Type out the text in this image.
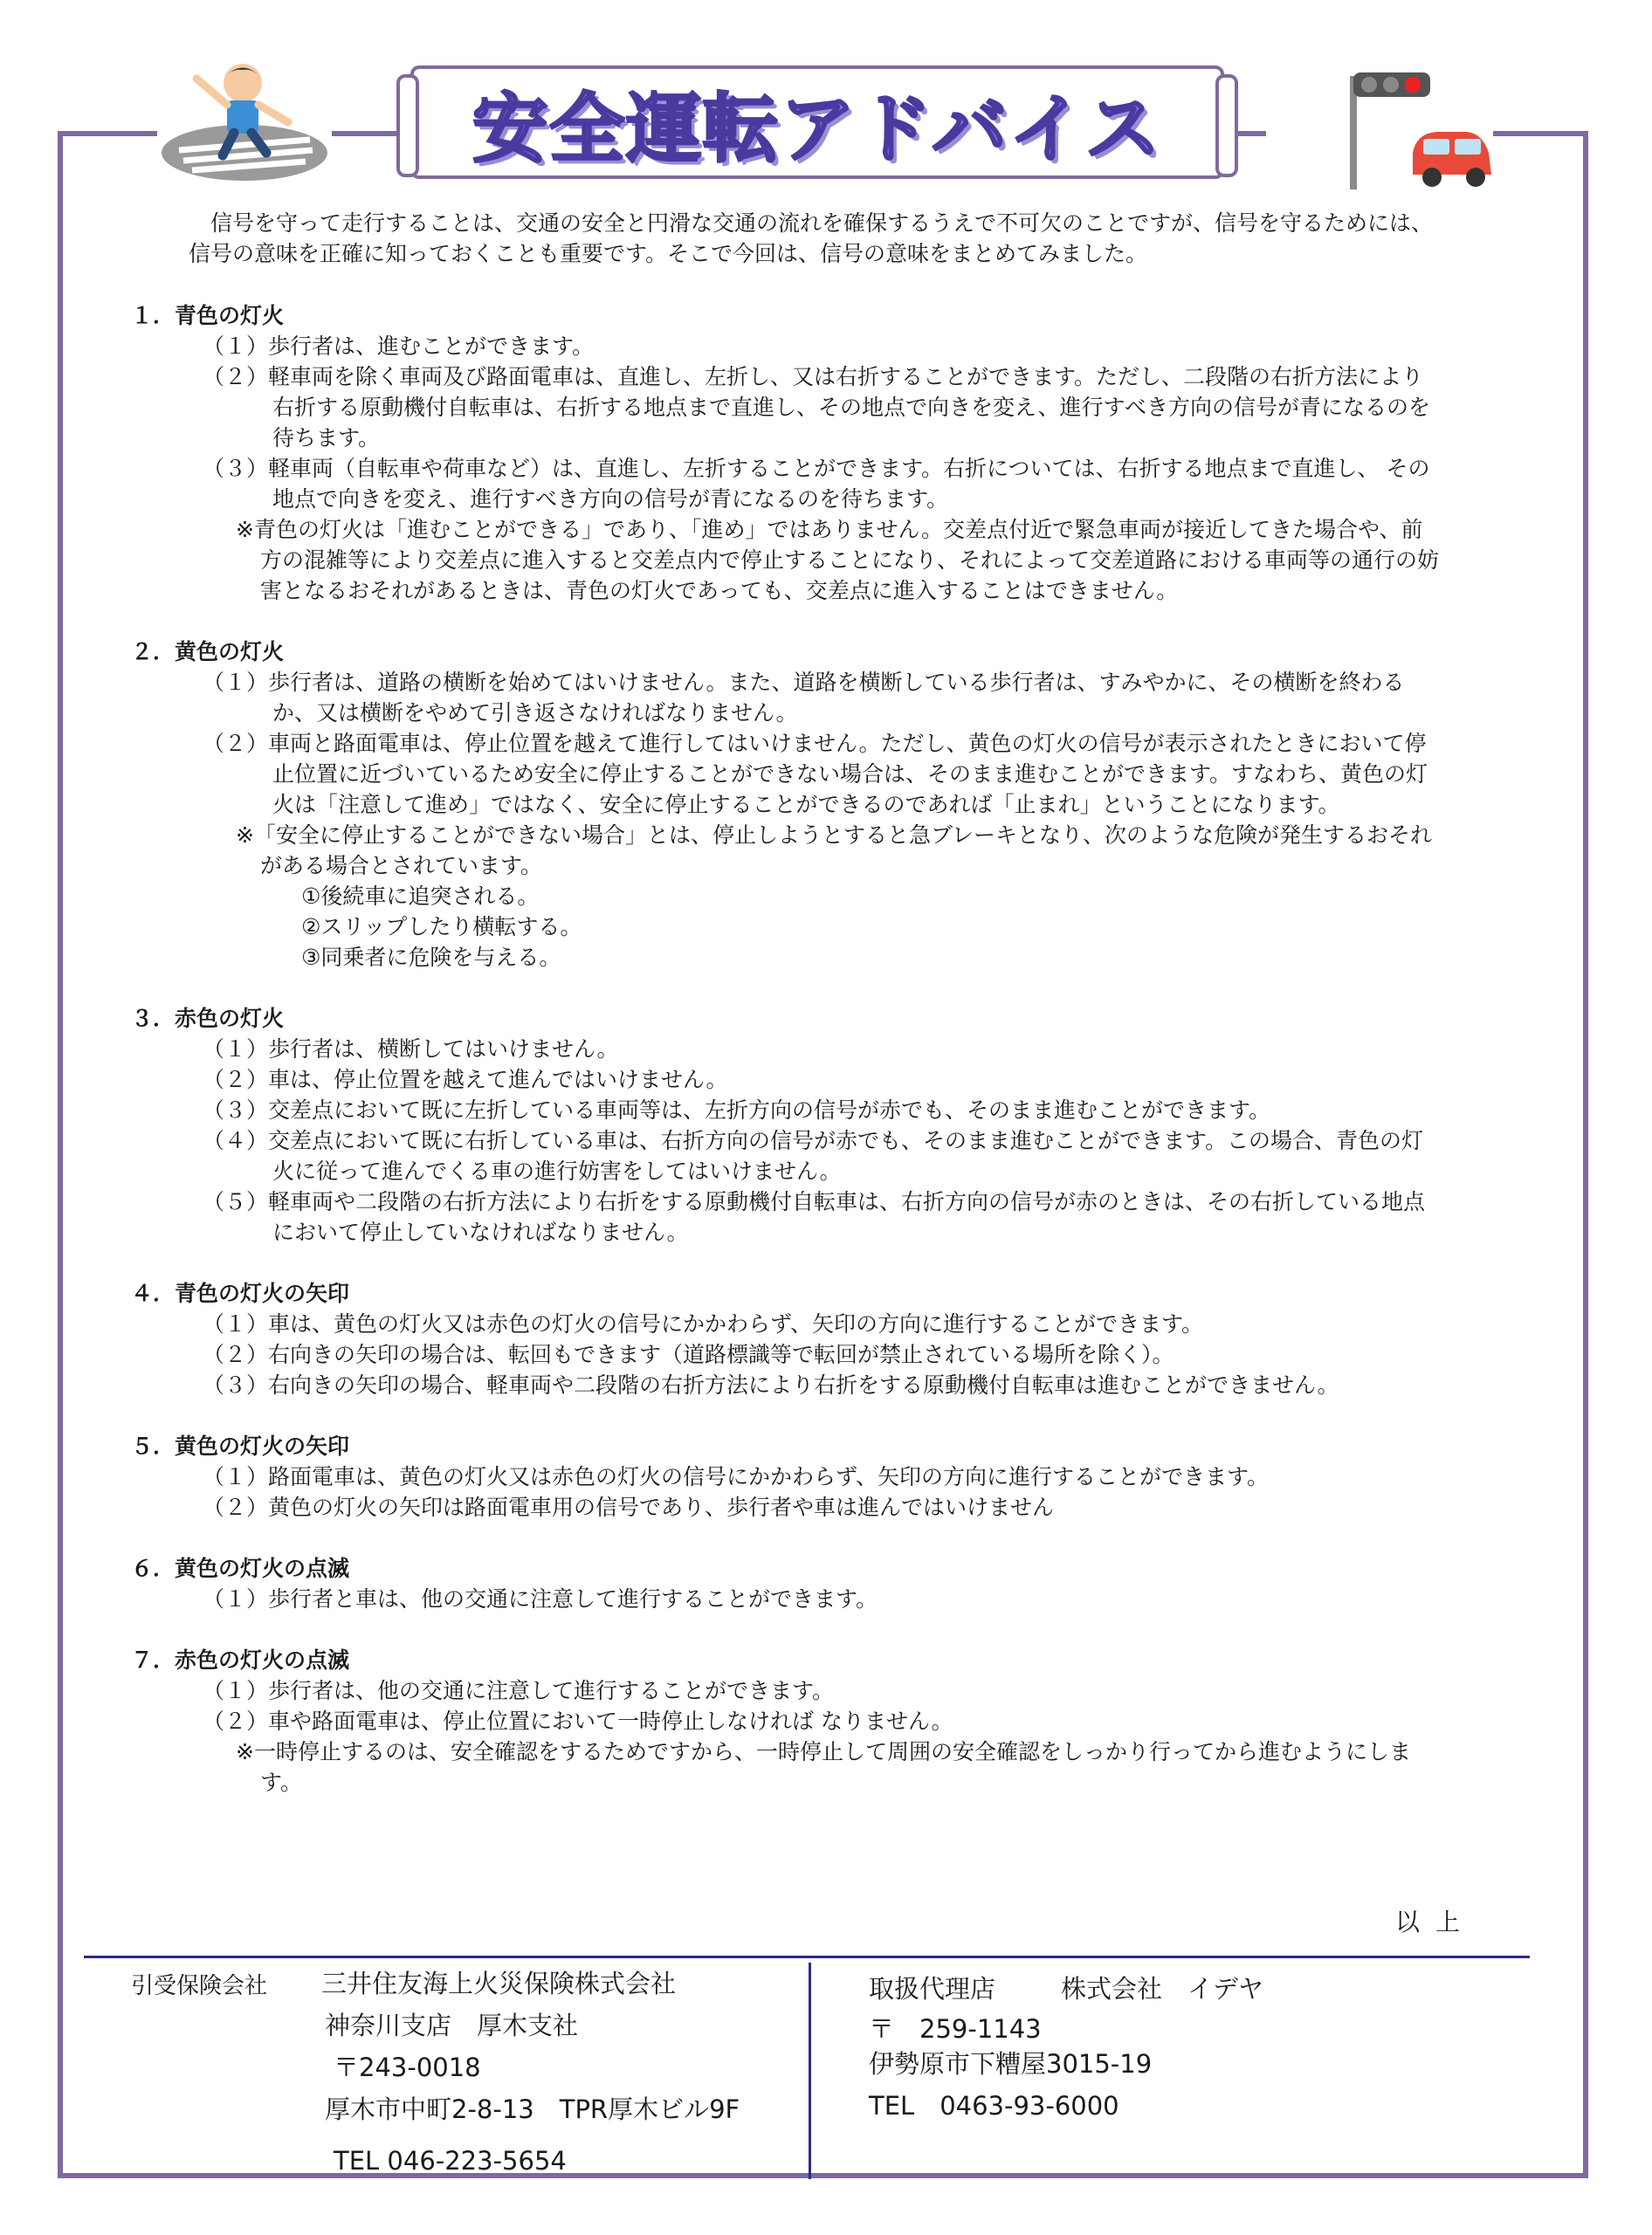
安全運転アドバイス

信号を守って走行することは、交通の安全と円滑な交通の流れを確保するうえで不可欠のことですが、信号を守るためには、信号の意味を正確に知っておくことも重要です。そこで今回は、信号の意味をまとめてみました。

１．青色の灯火

（１）歩行者は、進むことができます。

（２）軽車両を除く車両及び路面電車は、直進し、左折し、又は右折することができます。ただし、二段階の右折方法により右折する原動機付自転車は、右折する地点まで直進し、その地点で向きを変え、進行すべき方向の信号が青になるのを待ちます。

（３）軽車両（自転車や荷車など）は、直進し、左折することができます。右折については、右折する地点まで直進し、 その地点で向きを変え、進行すべき方向の信号が青になるのを待ちます。

※青色の灯火は「進むことができる」であり、「進め」ではありません。交差点付近で緊急車両が接近してきた場合や、前方の混雑等により交差点に進入すると交差点内で停止することになり、それによって交差道路における車両等の通行の妨害となるおそれがあるときは、青色の灯火であっても、交差点に進入することはできません。

２．黄色の灯火

（１）歩行者は、道路の横断を始めてはいけません。また、道路を横断している歩行者は、すみやかに、その横断を終わるか、又は横断をやめて引き返さなければなりません。

（２）車両と路面電車は、停止位置を越えて進行してはいけません。ただし、黄色の灯火の信号が表示されたときにおいて停止位置に近づいているため安全に停止することができない場合は、そのまま進むことができます。すなわち、黄色の灯火は「注意して進め」ではなく、安全に停止することができるのであれば「止まれ」ということになります。

※「安全に停止することができない場合」とは、停止しようとすると急ブレーキとなり、次のような危険が発生するおそれがある場合とされています。

①後続車に追突される。

②スリップしたり横転する。

③同乗者に危険を与える。

３．赤色の灯火

（１）歩行者は、横断してはいけません。

（２）車は、停止位置を越えて進んではいけません。

（３）交差点において既に左折している車両等は、左折方向の信号が赤でも、そのまま進むことができます。

（４）交差点において既に右折している車は、右折方向の信号が赤でも、そのまま進むことができます。この場合、青色の灯火に従って進んでくる車の進行妨害をしてはいけません。

（５）軽車両や二段階の右折方法により右折をする原動機付自転車は、右折方向の信号が赤のときは、その右折している地点において停止していなければなりません。

４．青色の灯火の矢印

（１）車は、黄色の灯火又は赤色の灯火の信号にかかわらず、矢印の方向に進行することができます。

（２）右向きの矢印の場合は、転回もできます（道路標識等で転回が禁止されている場所を除く）。

（３）右向きの矢印の場合、軽車両や二段階の右折方法により右折をする原動機付自転車は進むことができません。

５．黄色の灯火の矢印

（１）路面電車は、黄色の灯火又は赤色の灯火の信号にかかわらず、矢印の方向に進行することができます。

（２）黄色の灯火の矢印は路面電車用の信号であり、歩行者や車は進んではいけません

６．黄色の灯火の点滅

（１）歩行者と車は、他の交通に注意して進行することができます。

７．赤色の灯火の点滅

（１）歩行者は、他の交通に注意して進行することができます。

（２）車や路面電車は、停止位置において一時停止しなければ なりません。

※一時停止するのは、安全確認をするためですから、一時停止して周囲の安全確認をしっかり行ってから進むようにします。

以上
引受保険会社 三井住友海上火災保険株式会社
神奈川支店　厚木支社
〒243-0018
厚木市中町2-8-13　TPR厚木ビル9F
TEL 046-223-5654
取扱代理店	株式会社　イデヤ
〒　259-1143
伊勢原市下糟屋3015-19
TEL　0463-93-6000
